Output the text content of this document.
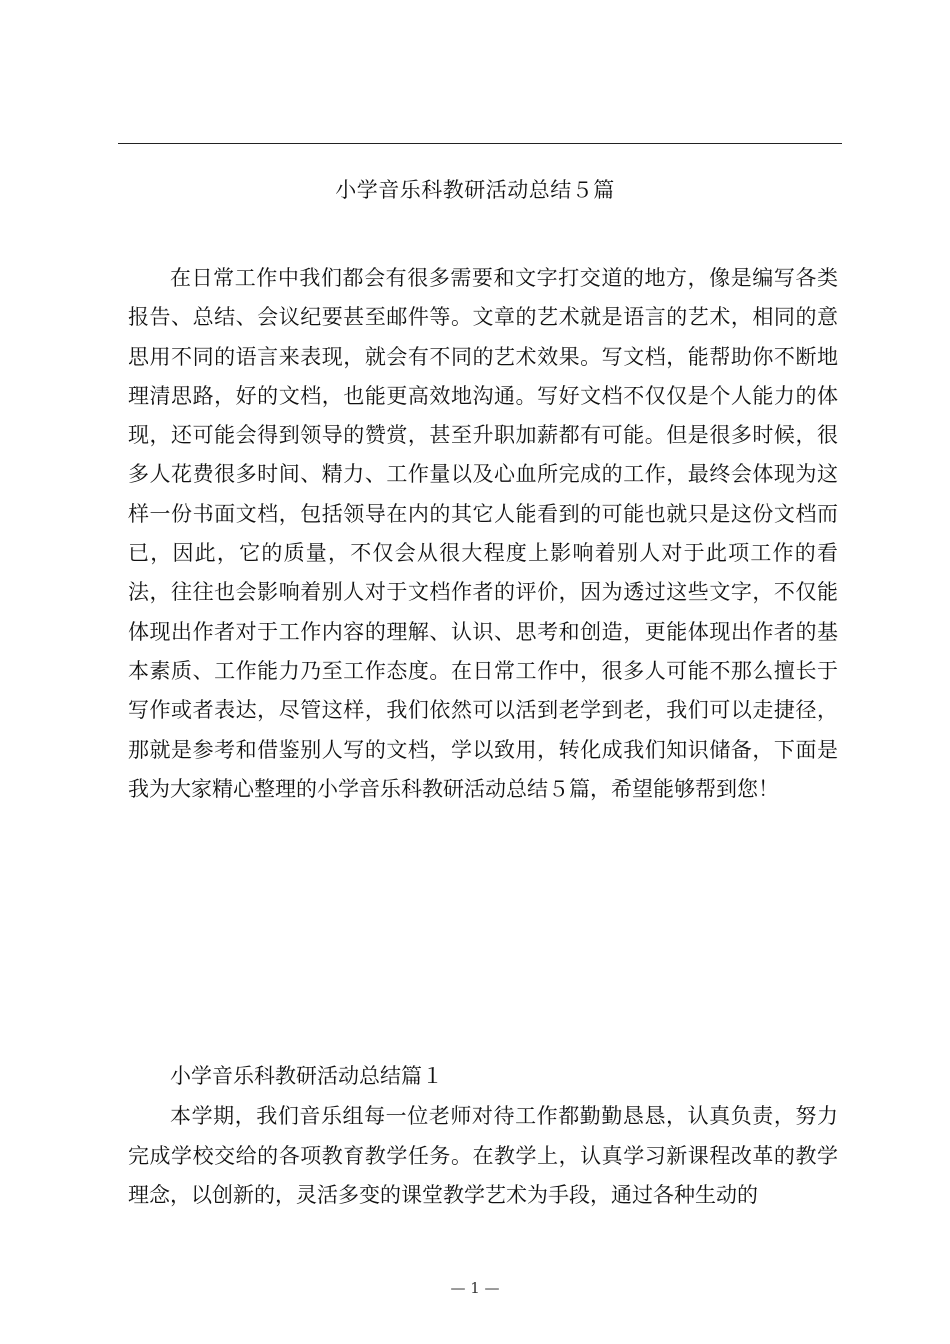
小学音乐科教研活动总结５篇

在日常工作中我们都会有很多需要和文字打交道的地方，像是编写各类报告、总结、会议纪要甚至邮件等。文章的艺术就是语言的艺术，相同的意思用不同的语言来表现，就会有不同的艺术效果。写文档，能帮助你不断地理清思路，好的文档，也能更高效地沟通。写好文档不仅仅是个人能力的体现，还可能会得到领导的赞赏，甚至升职加薪都有可能。但是很多时候，很多人花费很多时间、精力、工作量以及心血所完成的工作，最终会体现为这样一份书面文档，包括领导在内的其它人能看到的可能也就只是这份文档而已，因此，它的质量，不仅会从很大程度上影响着别人对于此项工作的看法，往往也会影响着别人对于文档作者的评价，因为透过这些文字，不仅能体现出作者对于工作内容的理解、认识、思考和创造，更能体现出作者的基本素质、工作能力乃至工作态度。在日常工作中，很多人可能不那么擅长于写作或者表达，尽管这样，我们依然可以活到老学到老，我们可以走捷径，那就是参考和借鉴别人写的文档，学以致用，转化成我们知识储备，下面是我为大家精心整理的小学音乐科教研活动总结５篇，希望能够帮到您！

小学音乐科教研活动总结篇１

本学期，我们音乐组每一位老师对待工作都勤勤恳恳，认真负责，努力完成学校交给的各项教育教学任务。在教学上，认真学习新课程改革的教学理念，以创新的，灵活多变的课堂教学艺术为手段，通过各种生动的

— 1 —
